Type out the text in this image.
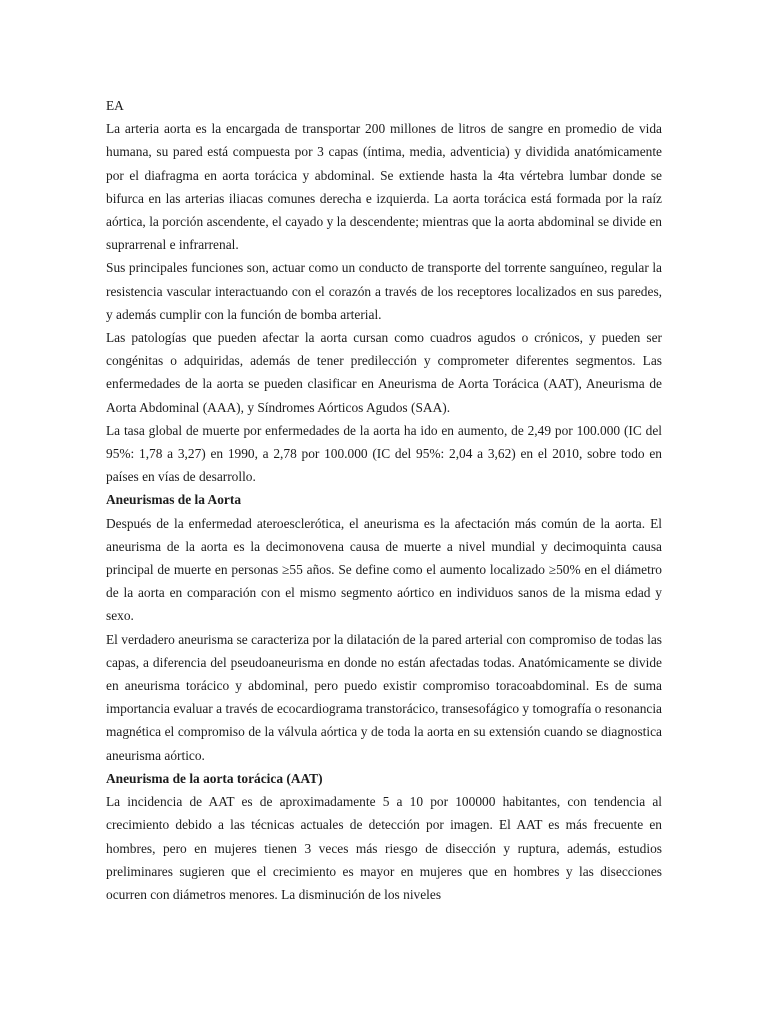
EA

La arteria aorta es la encargada de transportar 200 millones de litros de sangre en promedio de vida humana, su pared está compuesta por 3 capas (íntima, media, adventicia) y dividida anatómicamente por el diafragma en aorta torácica y abdominal. Se extiende hasta la 4ta vértebra lumbar donde se bifurca en las arterias iliacas comunes derecha e izquierda. La aorta torácica está formada por la raíz aórtica, la porción ascendente, el cayado y la descendente; mientras que la aorta abdominal se divide en suprarrenal e infrarrenal.

Sus principales funciones son, actuar como un conducto de transporte del torrente sanguíneo, regular la resistencia vascular interactuando con el corazón a través de los receptores localizados en sus paredes, y además cumplir con la función de bomba arterial.

Las patologías que pueden afectar la aorta cursan como cuadros agudos o crónicos, y pueden ser congénitas o adquiridas, además de tener predilección y comprometer diferentes segmentos. Las enfermedades de la aorta se pueden clasificar en Aneurisma de Aorta Torácica (AAT), Aneurisma de Aorta Abdominal (AAA), y Síndromes Aórticos Agudos (SAA).

La tasa global de muerte por enfermedades de la aorta ha ido en aumento, de 2,49 por 100.000 (IC del 95%: 1,78 a 3,27) en 1990, a 2,78 por 100.000 (IC del 95%: 2,04 a 3,62) en el 2010, sobre todo en países en vías de desarrollo.

Aneurismas de la Aorta

Después de la enfermedad ateroesclerótica, el aneurisma es la afectación más común de la aorta. El aneurisma de la aorta es la decimonovena causa de muerte a nivel mundial y decimoquinta causa principal de muerte en personas ≥55 años. Se define como el aumento localizado ≥50% en el diámetro de la aorta en comparación con el mismo segmento aórtico en individuos sanos de la misma edad y sexo.

El verdadero aneurisma se caracteriza por la dilatación de la pared arterial con compromiso de todas las capas, a diferencia del pseudoaneurisma en donde no están afectadas todas. Anatómicamente se divide en aneurisma torácico y abdominal, pero puedo existir compromiso toracoabdominal. Es de suma importancia evaluar a través de ecocardiograma transtorácico, transesofágico y tomografía o resonancia magnética el compromiso de la válvula aórtica y de toda la aorta en su extensión cuando se diagnostica aneurisma aórtico.

Aneurisma de la aorta torácica (AAT)

La incidencia de AAT es de aproximadamente 5 a 10 por 100000 habitantes, con tendencia al crecimiento debido a las técnicas actuales de detección por imagen. El AAT es más frecuente en hombres, pero en mujeres tienen 3 veces más riesgo de disección y ruptura, además, estudios preliminares sugieren que el crecimiento es mayor en mujeres que en hombres y las disecciones ocurren con diámetros menores. La disminución de los niveles
